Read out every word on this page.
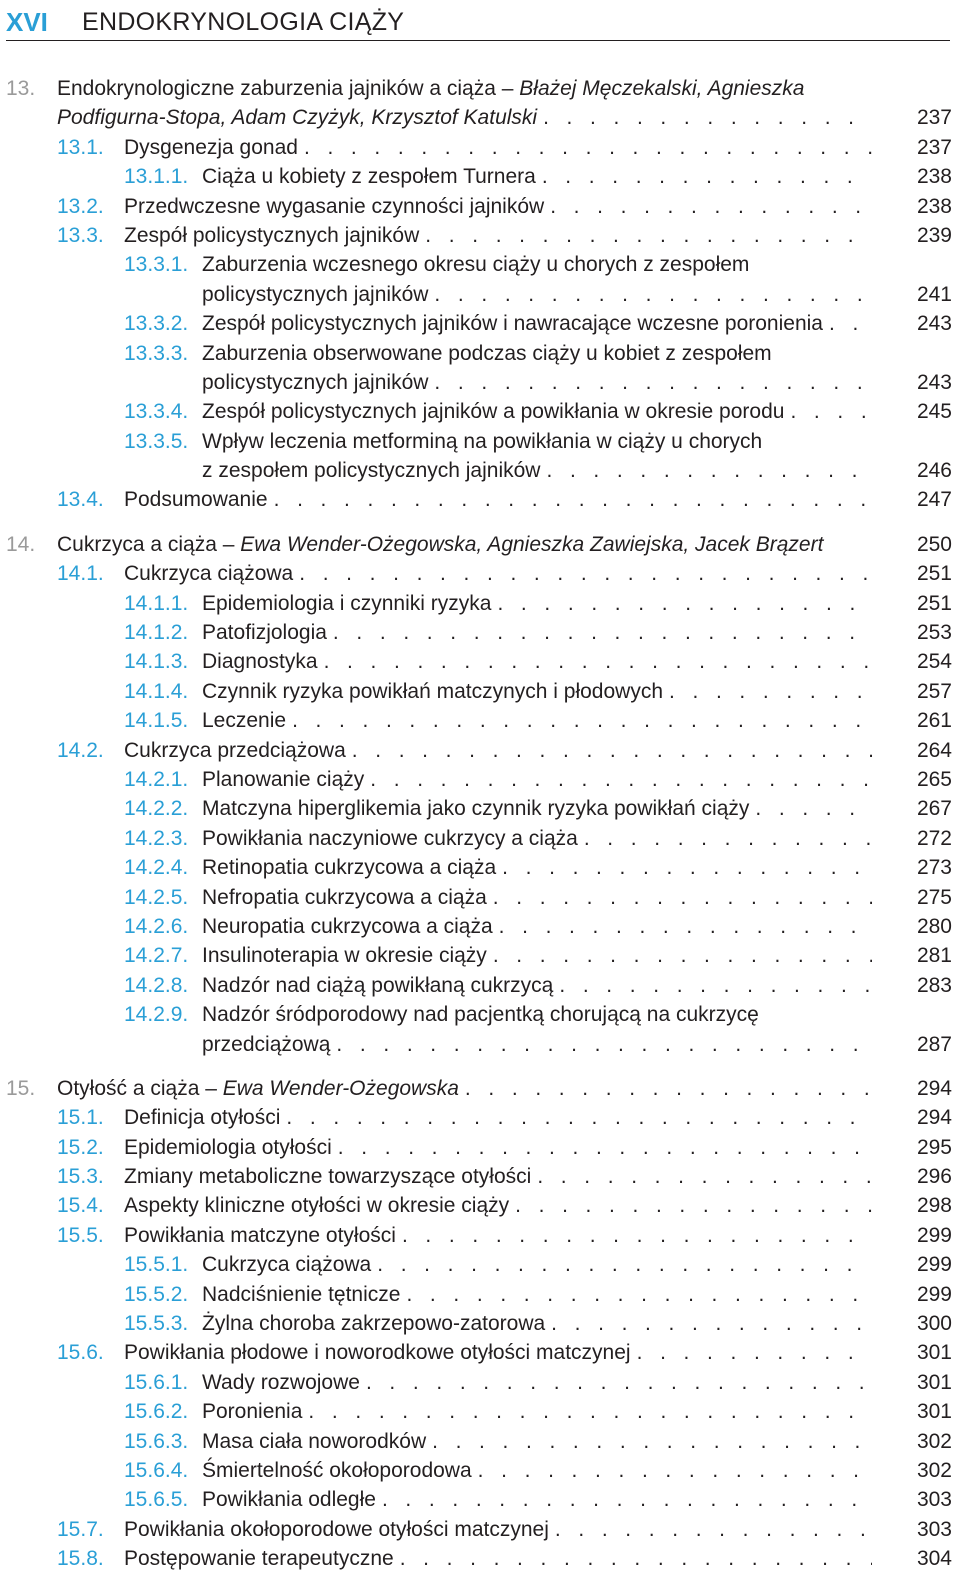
XVI ENDOKRYNOLOGIA CIĄŻY
13. Endokrynologiczne zaburzenia jajników a ciąża – Błażej Męczekalski, Agnieszka
Podfigurna-Stopa, Adam Czyżyk, Krzysztof Katulski . . .	237
13.1. Dysgenezja gonad . . .	237
13.1.1. Ciąża u kobiety z zespołem Turnera . . .	238
13.2. Przedwczesne wygasanie czynności jajników . . .	238
13.3. Zespół policystycznych jajników . . .	239
13.3.1. Zaburzenia wczesnego okresu ciąży u chorych z zespołem
policystycznych jajników . . .	241
13.3.2. Zespół policystycznych jajników i nawracające wczesne poronienia . . .	243
13.3.3. Zaburzenia obserwowane podczas ciąży u kobiet z zespołem
policystycznych jajników . . .	243
13.3.4. Zespół policystycznych jajników a powikłania w okresie porodu . . .	245
13.3.5. Wpływ leczenia metforminą na powikłania w ciąży u chorych
z zespołem policystycznych jajników . . .	246
13.4. Podsumowanie . . .	247
14. Cukrzyca a ciąża – Ewa Wender-Ożegowska, Agnieszka Zawiejska, Jacek Brązert	250
14.1. Cukrzyca ciążowa . . .	251
14.1.1. Epidemiologia i czynniki ryzyka . . .	251
14.1.2. Patofizjologia . . .	253
14.1.3. Diagnostyka . . .	254
14.1.4. Czynnik ryzyka powikłań matczynych i płodowych . . .	257
14.1.5. Leczenie . . .	261
14.2. Cukrzyca przedciążowa . . .	264
14.2.1. Planowanie ciąży . . .	265
14.2.2. Matczyna hiperglikemia jako czynnik ryzyka powikłań ciąży . . .	267
14.2.3. Powikłania naczyniowe cukrzycy a ciąża . . .	272
14.2.4. Retinopatia cukrzycowa a ciąża . . .	273
14.2.5. Nefropatia cukrzycowa a ciąża . . .	275
14.2.6. Neuropatia cukrzycowa a ciąża . . .	280
14.2.7. Insulinoterapia w okresie ciąży . . .	281
14.2.8. Nadzór nad ciążą powikłaną cukrzycą . . .	283
14.2.9. Nadzór śródporodowy nad pacjentką chorującą na cukrzycę
przedciążową . . .	287
15. Otyłość a ciąża – Ewa Wender-Ożegowska . . .	294
15.1. Definicja otyłości . . .	294
15.2. Epidemiologia otyłości . . .	295
15.3. Zmiany metaboliczne towarzyszące otyłości . . .	296
15.4. Aspekty kliniczne otyłości w okresie ciąży . . .	298
15.5. Powikłania matczyne otyłości . . .	299
15.5.1. Cukrzyca ciążowa . . .	299
15.5.2. Nadciśnienie tętnicze . . .	299
15.5.3. Żylna choroba zakrzepowo-zatorowa . . .	300
15.6. Powikłania płodowe i noworodkowe otyłości matczynej . . .	301
15.6.1. Wady rozwojowe . . .	301
15.6.2. Poronienia . . .	301
15.6.3. Masa ciała noworodków . . .	302
15.6.4. Śmiertelność okołoporodowa . . .	302
15.6.5. Powikłania odległe . . .	303
15.7. Powikłania okołoporodowe otyłości matczynej . . .	303
15.8. Postępowanie terapeutyczne . . .	304
